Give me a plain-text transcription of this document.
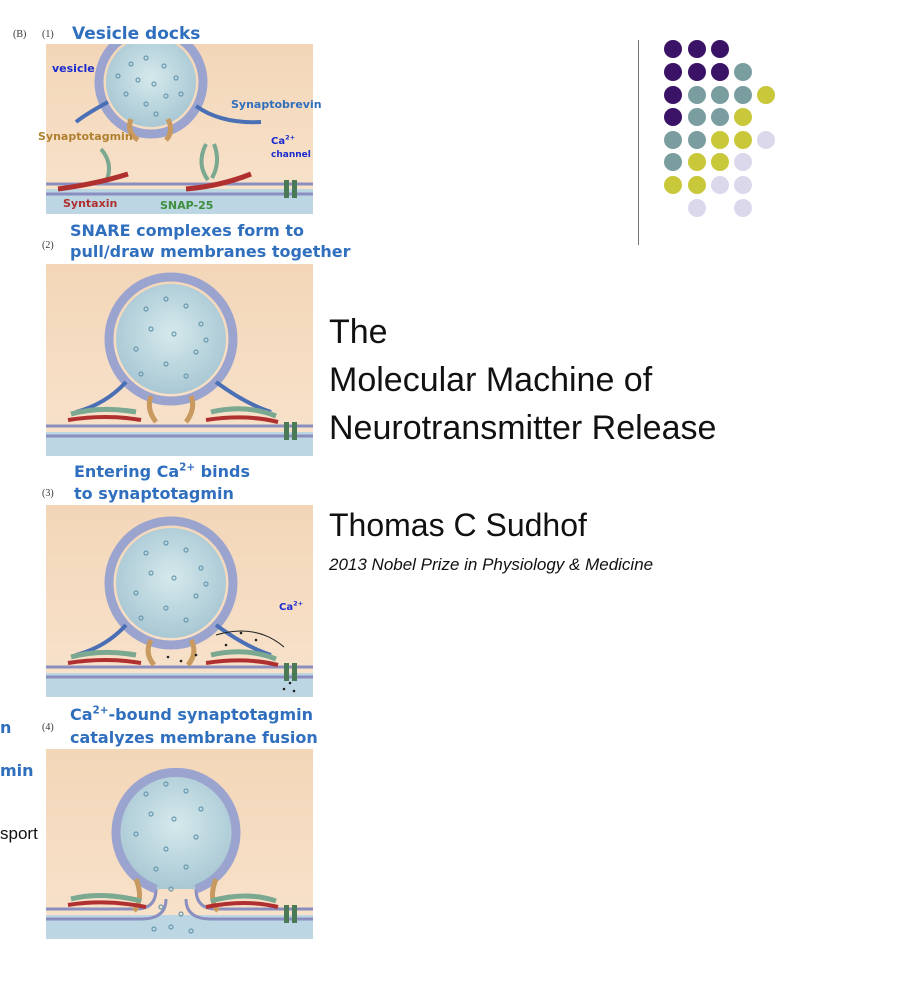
(B) (1) Vesicle docks
vesicle
Synaptobrevin
Synaptotagmin	$Ca^{2+}$
channel
Syntaxin	SNAP-25
(2)
SNARE complexes form to
pull/draw membranes together
Entering $Ca^{2+}$ binds
(3) to synaptotagmin
$Ca^{2+}$
(4)
$Ca^{2+}$-bound synaptotagmin
catalyzes membrane fusion
n
min
sport
The
Molecular Machine of
Neurotransmitter Release
Thomas C Sudhof
2013 Nobel Prize in Physiology & Medicine
